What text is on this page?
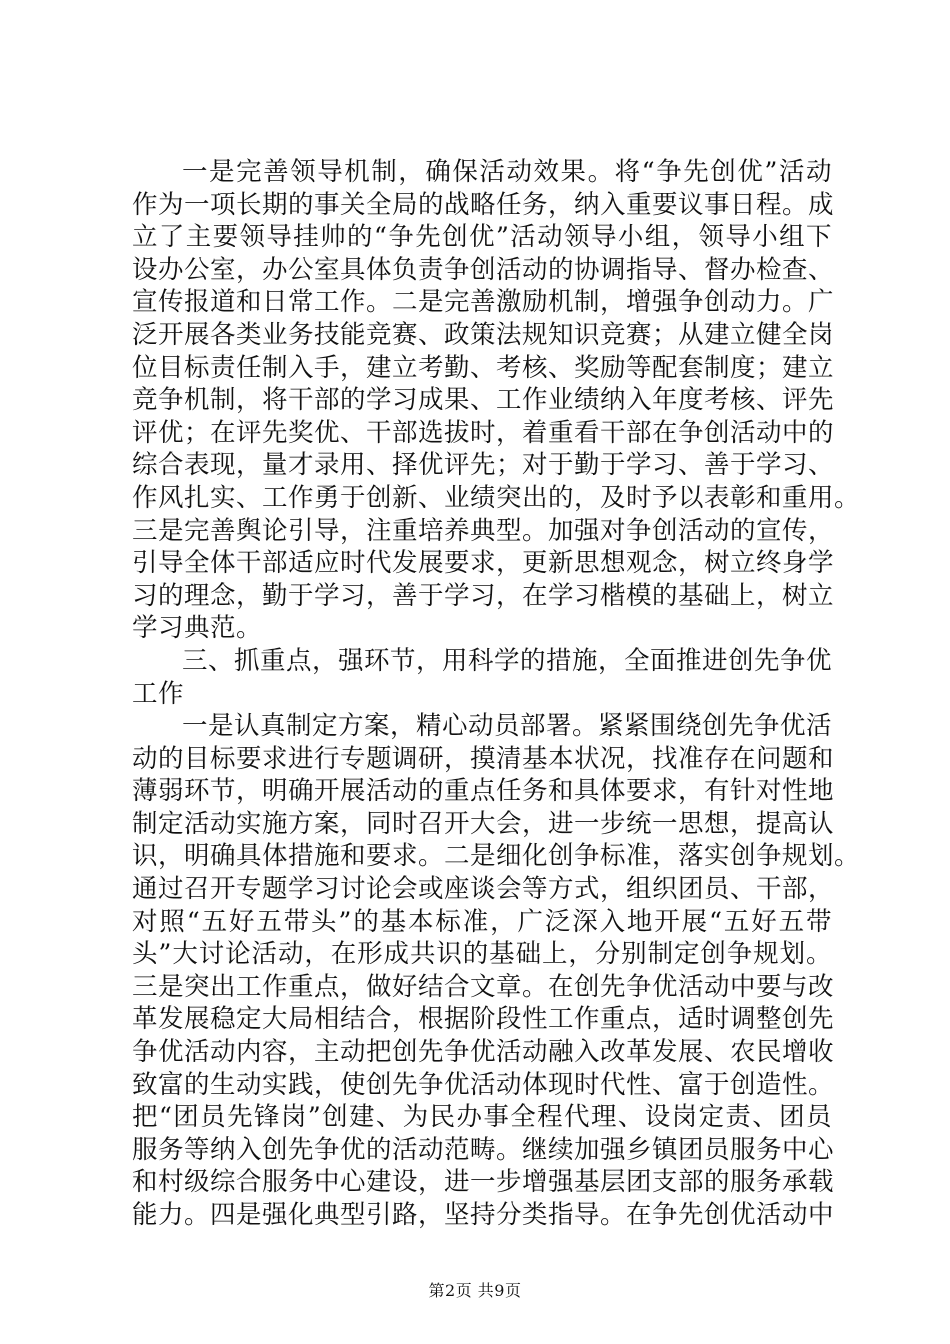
一是完善领导机制，确保活动效果。将“争先创优”活动
作为一项长期的事关全局的战略任务，纳入重要议事日程。成
立了主要领导挂帅的“争先创优”活动领导小组，领导小组下
设办公室，办公室具体负责争创活动的协调指导、督办检查、
宣传报道和日常工作。二是完善激励机制，增强争创动力。广
泛开展各类业务技能竞赛、政策法规知识竞赛；从建立健全岗
位目标责任制入手，建立考勤、考核、奖励等配套制度；建立
竞争机制，将干部的学习成果、工作业绩纳入年度考核、评先
评优；在评先奖优、干部选拔时，着重看干部在争创活动中的
综合表现，量才录用、择优评先；对于勤于学习、善于学习、
作风扎实、工作勇于创新、业绩突出的，及时予以表彰和重用。
三是完善舆论引导，注重培养典型。加强对争创活动的宣传，
引导全体干部适应时代发展要求，更新思想观念，树立终身学
习的理念，勤于学习，善于学习，在学习楷模的基础上，树立
学习典范。
三、抓重点，强环节，用科学的措施，全面推进创先争优
工作
一是认真制定方案，精心动员部署。紧紧围绕创先争优活
动的目标要求进行专题调研，摸清基本状况，找准存在问题和
薄弱环节，明确开展活动的重点任务和具体要求，有针对性地
制定活动实施方案，同时召开大会，进一步统一思想，提高认
识，明确具体措施和要求。二是细化创争标准，落实创争规划。
通过召开专题学习讨论会或座谈会等方式，组织团员、干部，
对照“五好五带头”的基本标准，广泛深入地开展“五好五带
头”大讨论活动，在形成共识的基础上，分别制定创争规划。
三是突出工作重点，做好结合文章。在创先争优活动中要与改
革发展稳定大局相结合，根据阶段性工作重点，适时调整创先
争优活动内容，主动把创先争优活动融入改革发展、农民增收
致富的生动实践，使创先争优活动体现时代性、富于创造性。
把“团员先锋岗”创建、为民办事全程代理、设岗定责、团员
服务等纳入创先争优的活动范畴。继续加强乡镇团员服务中心
和村级综合服务中心建设，进一步增强基层团支部的服务承载
能力。四是强化典型引路，坚持分类指导。在争先创优活动中
第2页 共9页
